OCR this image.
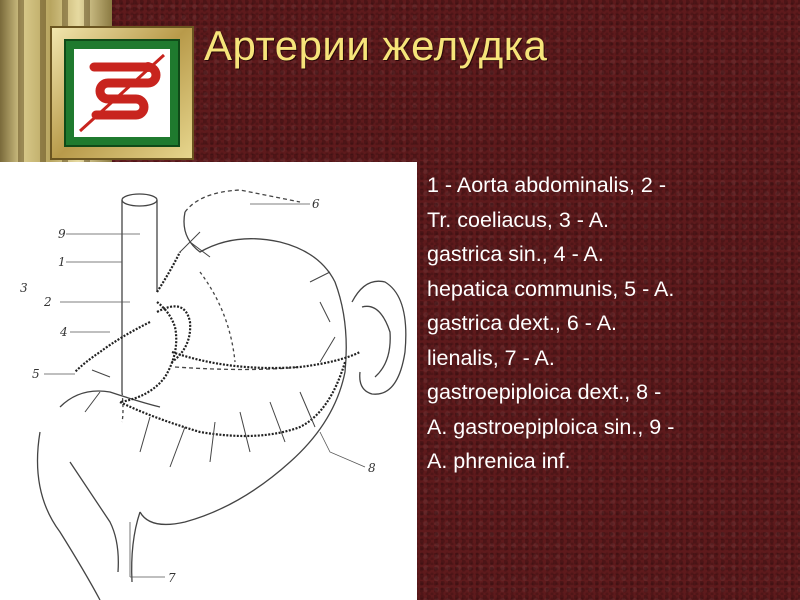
Артерии желудка
9
1
3
2
4
5
6
8
7
1 - Aorta abdominalis, 2 -
Tr. coeliacus, 3 - A.
gastrica sin., 4 - A.
hepatica communis, 5 - A.
gastrica dext., 6 - A.
lienalis, 7 - A.
gastroepiploica dext., 8 -
A. gastroepiploica sin., 9 -
A. phrenica inf.
